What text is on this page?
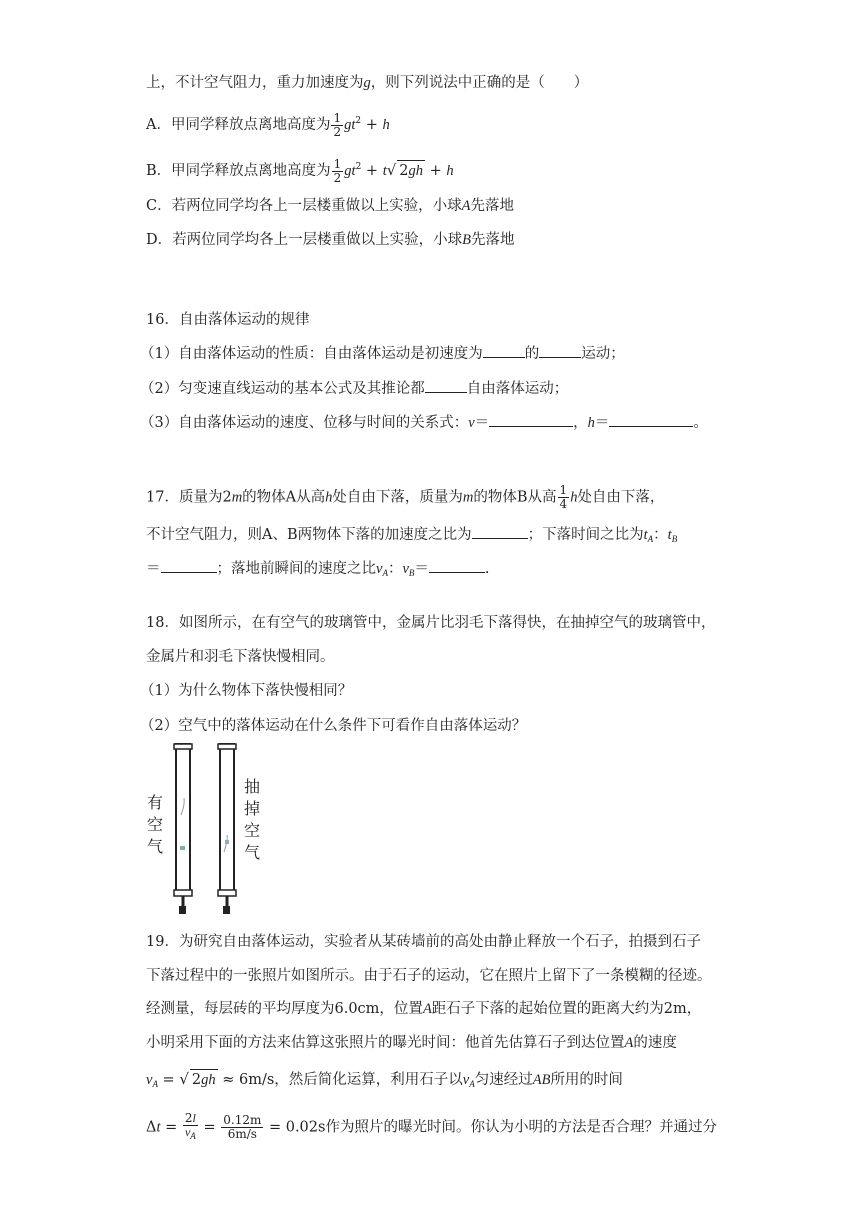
上，不计空气阻力，重力加速度为g，则下列说法中正确的是（　　）
A．甲同学释放点离地高度为 $\frac{1}{2} gt^2 + h$
B．甲同学释放点离地高度为 $\frac{1}{2} gt^2 + t√$ 2gh + h
C．若两位同学均各上一层楼重做以上实验，小球A先落地
D．若两位同学均各上一层楼重做以上实验，小球B先落地
16．自由落体运动的规律
（1）自由落体运动的性质：自由落体运动是初速度为	的	运动；
（2）匀变速直线运动的基本公式及其推论都	自由落体运动；
（3）自由落体运动的速度、位移与时间的关系式：v＝	，h＝	。
17．质量为2m的物体A从高h处自由下落，质量为m的物体B从高 $\frac{1}{4}$ h处自由下落，
不计空气阻力，则A、B两物体下落的加速度之比为	；下落时间之比为$t_A$：$t_B$
＝	；落地前瞬间的速度之比$v_A$：$v_B=$	.
18．如图所示，在有空气的玻璃管中，金属片比羽毛下落得快，在抽掉空气的玻璃管中，
金属片和羽毛下落快慢相同。
（1）为什么物体下落快慢相同？
（2）空气中的落体运动在什么条件下可看作自由落体运动？
有
空
气
抽
掉
空
气
19．为研究自由落体运动，实验者从某砖墙前的高处由静止释放一个石子，拍摄到石子
下落过程中的一张照片如图所示。由于石子的运动，它在照片上留下了一条模糊的径迹。
经测量，每层砖的平均厚度为6.0cm，位置A距石子下落的起始位置的距离大约为2m，
小明采用下面的方法来估算这张照片的曝光时间：他首先估算石子到达位置A的速度
$v_A$ = √ 2gh ≈ 6m/s，然后简化运算，利用石子以$v_A$匀速经过AB所用的时间
$\Delta t = \frac{2l}{v_A} = \frac{0.12m}{6m/s} = 0.02s$作为照片的曝光时间。你认为小明的方法是否合理？并通过分
